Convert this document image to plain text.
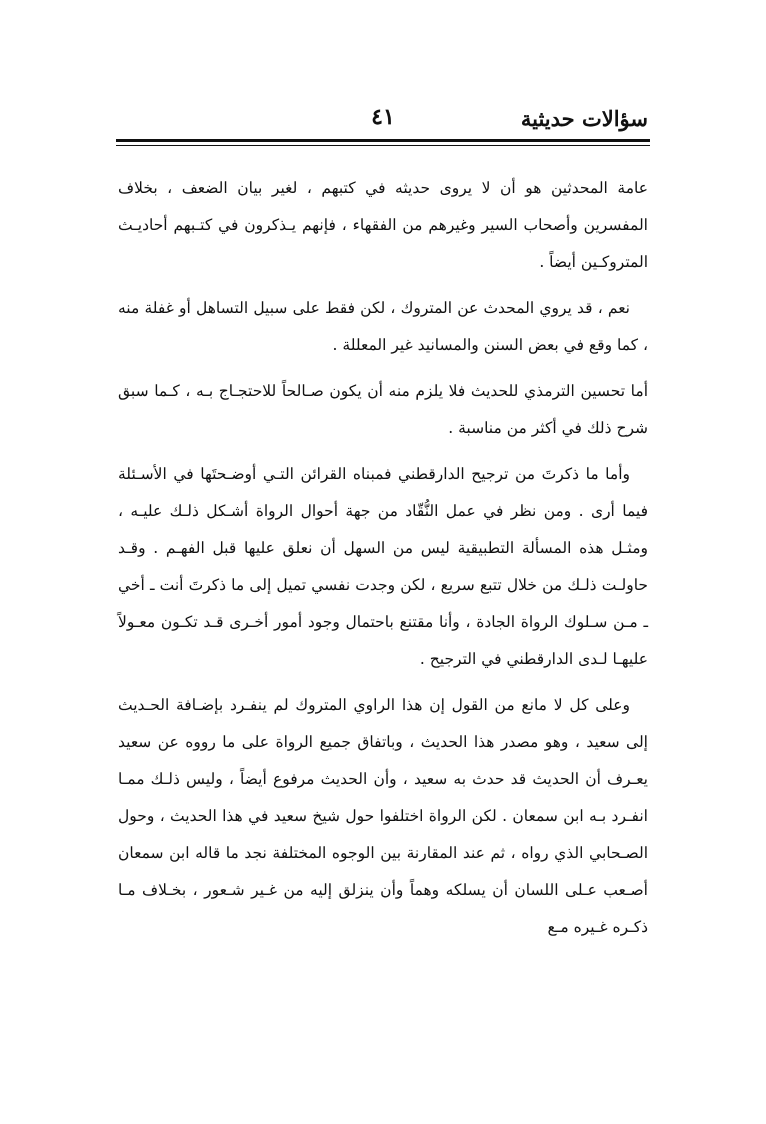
سؤالات حديثية
٤١

عامة المحدثين هو أن لا يروى حديثه في كتبهم ، لغير بيان الضعف ، بخلاف المفسرين وأصحاب السير وغيرهم من الفقهاء ، فإنهم يـذكرون في كتـبهم أحاديـث المتروكـين أيضاً .

نعم ، قد يروي المحدث عن المتروك ، لكن فقط على سبيل التساهل أو غفلة منه ، كما وقع في بعض السنن والمسانيد غير المعللة .

أما تحسين الترمذي للحديث فلا يلزم منه أن يكون صـالحاً للاحتجـاج بـه ، كـما سبق شرح ذلك في أكثر من مناسبة .

وأما ما ذكرتَ من ترجيح الدارقطني فمبناه القرائن التـي أوضـحتَها في الأسـئلة فيما أرى . ومن نظر في عمل النُّقّاد من جهة أحوال الرواة أشـكل ذلـك عليـه ، ومثـل هذه المسألة التطبيقية ليس من السهل أن نعلق عليها قبل الفهـم . وقـد حاولـت ذلـك من خلال تتبع سريع ، لكن وجدت نفسي تميل إلى ما ذكرتَ أنت ـ أخي ـ مـن سـلوك الرواة الجادة ، وأنا مقتنع باحتمال وجود أمور أخـرى قـد تكـون معـولاً عليهـا لـدى الدارقطني في الترجيح .

وعلى كل لا مانع من القول إن هذا الراوي المتروك لم ينفـرد بإضـافة الحـديث إلى سعيد ، وهو مصدر هذا الحديث ، وباتفاق جميع الرواة على ما رووه عن سعيد يعـرف أن الحديث قد حدث به سعيد ، وأن الحديث مرفوع أيضاً ، وليس ذلـك ممـا انفـرد بـه ابن سمعان . لكن الرواة اختلفوا حول شيخ سعيد في هذا الحديث ، وحول الصـحابي الذي رواه ، ثم عند المقارنة بين الوجوه المختلفة نجد ما قاله ابن سمعان أصـعب عـلى اللسان أن يسلكه وهماً وأن ينزلق إليه من غـير شـعور ، بخـلاف مـا ذكـره غـيره مـع
